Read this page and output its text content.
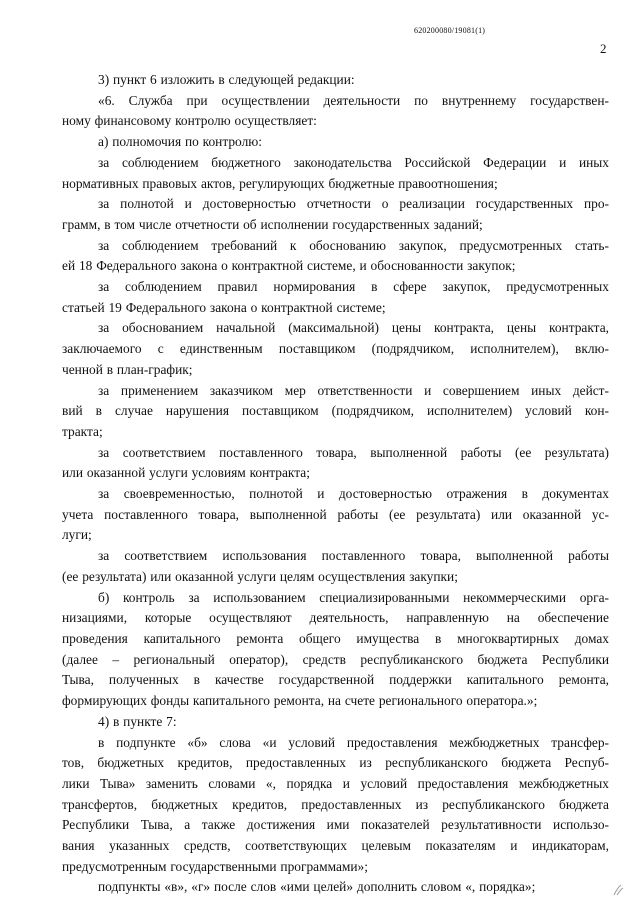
620200080/19081(1)
2
3) пункт 6 изложить в следующей редакции:
«6. Служба при осуществлении деятельности по внутреннему государствен-
ному финансовому контролю осуществляет:
а) полномочия по контролю:
за соблюдением бюджетного законодательства Российской Федерации и иных
нормативных правовых актов, регулирующих бюджетные правоотношения;
за полнотой и достоверностью отчетности о реализации государственных про-
грамм, в том числе отчетности об исполнении государственных заданий;
за соблюдением требований к обоснованию закупок, предусмотренных стать-
ей 18 Федерального закона о контрактной системе, и обоснованности закупок;
за соблюдением правил нормирования в сфере закупок, предусмотренных
статьей 19 Федерального закона о контрактной системе;
за обоснованием начальной (максимальной) цены контракта, цены контракта,
заключаемого с единственным поставщиком (подрядчиком, исполнителем), вклю-
ченной в план-график;
за применением заказчиком мер ответственности и совершением иных дейст-
вий в случае нарушения поставщиком (подрядчиком, исполнителем) условий кон-
тракта;
за соответствием поставленного товара, выполненной работы (ее результата)
или оказанной услуги условиям контракта;
за своевременностью, полнотой и достоверностью отражения в документах
учета поставленного товара, выполненной работы (ее результата) или оказанной ус-
луги;
за соответствием использования поставленного товара, выполненной работы
(ее результата) или оказанной услуги целям осуществления закупки;
б) контроль за использованием специализированными некоммерческими орга-
низациями, которые осуществляют деятельность, направленную на обеспечение
проведения капитального ремонта общего имущества в многоквартирных домах
(далее – региональный оператор), средств республиканского бюджета Республики
Тыва, полученных в качестве государственной поддержки капитального ремонта,
формирующих фонды капитального ремонта, на счете регионального оператора.»;
4) в пункте 7:
в подпункте «б» слова «и условий предоставления межбюджетных трансфер-
тов, бюджетных кредитов, предоставленных из республиканского бюджета Респуб-
лики Тыва» заменить словами «, порядка и условий предоставления межбюджетных
трансфертов, бюджетных кредитов, предоставленных из республиканского бюджета
Республики Тыва, а также достижения ими показателей результативности использо-
вания указанных средств, соответствующих целевым показателям и индикаторам,
предусмотренным государственными программами»;
подпункты «в», «г» после слов «ими целей» дополнить словом «, порядка»;
